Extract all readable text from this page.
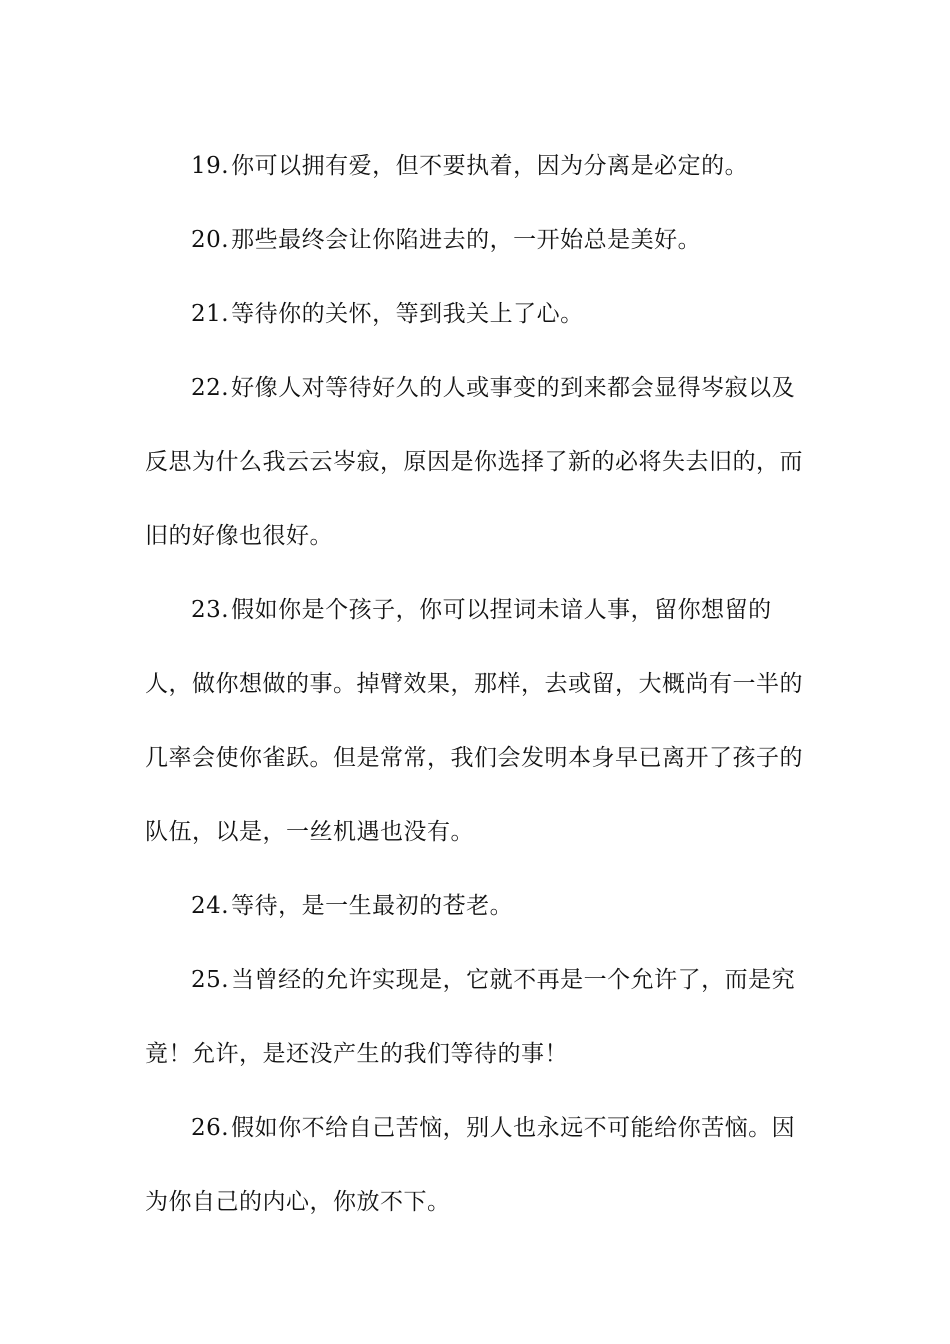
19.你可以拥有爱，但不要执着，因为分离是必定的。

20.那些最终会让你陷进去的，一开始总是美好。

21.等待你的关怀，等到我关上了心。

22.好像人对等待好久的人或事变的到来都会显得岑寂以及反思为什么我云云岑寂，原因是你选择了新的必将失去旧的，而旧的好像也很好。

23.假如你是个孩子，你可以捏词未谙人事，留你想留的人，做你想做的事。掉臂效果，那样，去或留，大概尚有一半的几率会使你雀跃。但是常常，我们会发明本身早已离开了孩子的队伍，以是，一丝机遇也没有。

24.等待，是一生最初的苍老。

25.当曾经的允许实现是，它就不再是一个允许了，而是究竟！允许，是还没产生的我们等待的事！

26.假如你不给自己苦恼，别人也永远不可能给你苦恼。因为你自己的内心，你放不下。
